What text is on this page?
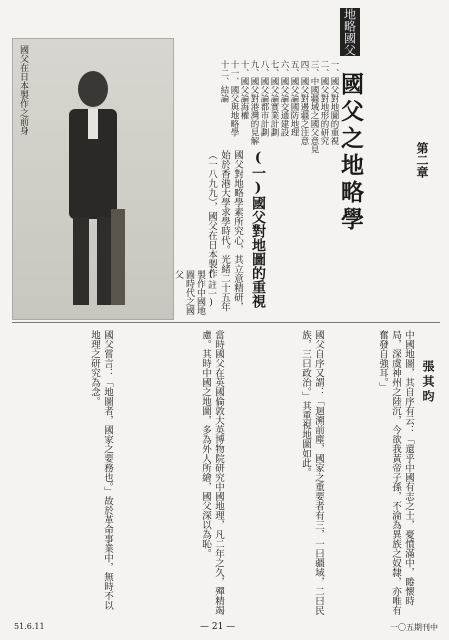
地略國父
國父之地略學	第二章
一、國父對地圖的重視
二、國父對地形的研究
三、中國疆域之國父意見
四、國父對邊疆之注意
五、國父論國防地理
六、國父論交通建設
七、國父論實業計劃
八、國父論都市計劃
九、國父對港灣的見解
十、國父論海權
十一、國父與地略學
十二、結論
國父在日本製作之前身
(一)國父對地圖的重視
國父對地略學素所究心，其立意精研，始於香港大學求學時代。光緒二十五年（一八九九），國父在日本製作
(註一) 製作中國地圖時代之國父
張其昀
中國地圖，其自序有云：「還乎中國有志之士，憂憤滿中，睠懷時局，深虞神州之陸沉，今欲我黃帝子孫，不淪為異族之奴隸，亦唯有奮發自強耳。」
國父自序又謂：「迴溯前塵，國家之重要者有三，一曰疆域，二曰民族，三曰政治。」其重視地圖如此。
當時國父在英國倫敦大英博物院研究中國地理，凡二年之久，殫精竭慮。其時中國之地圖，多為外人所繪，國父深以為恥。
國父嘗言：「地圖者，國家之要務也。」故於革命事業中，無時不以地理之研究為念。
51.6.11	— 21 —	一〇五期刊中
